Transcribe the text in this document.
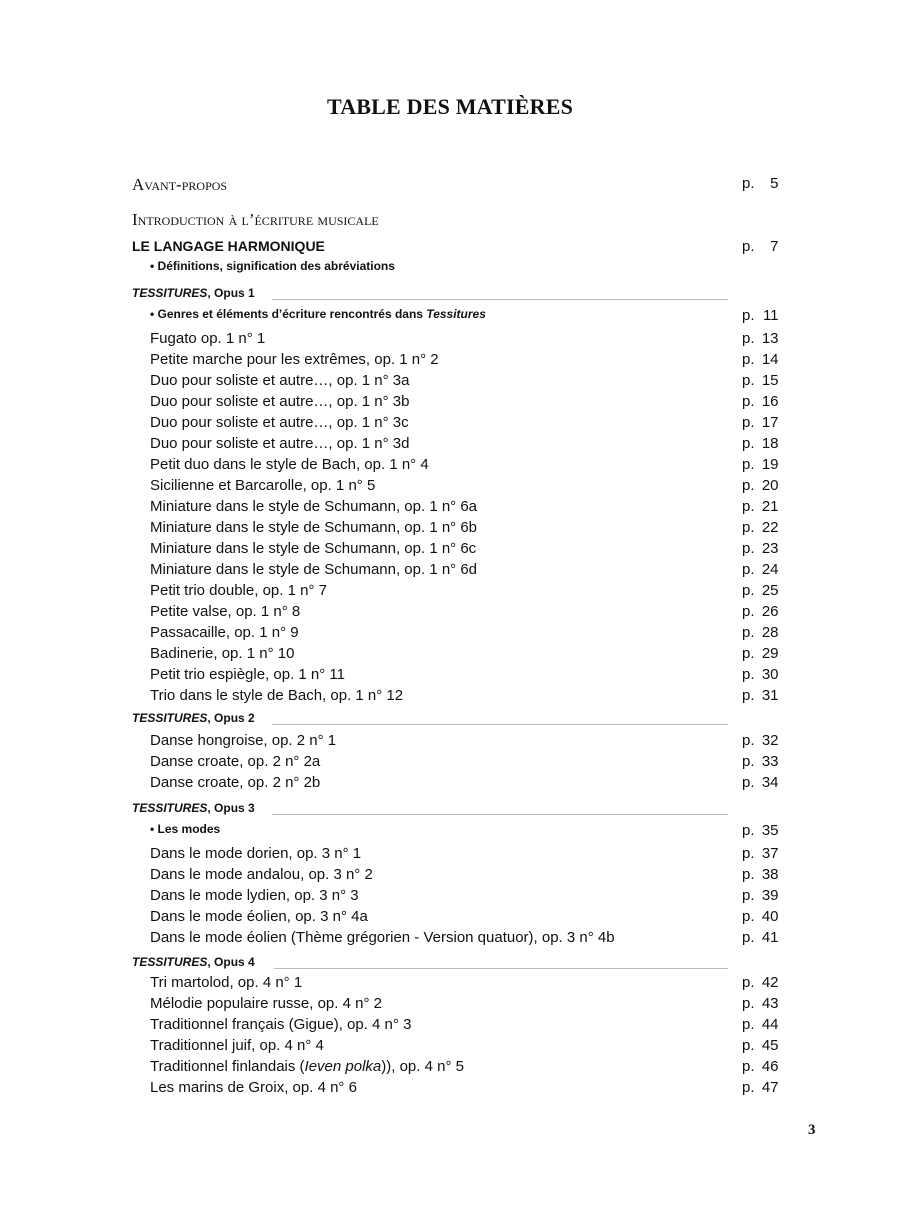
TABLE DES MATIÈRES
Avant-propos	p. 5
Introduction à l’écriture musicale
LE LANGAGE HARMONIQUE	p. 7
• Définitions, signification des abréviations
TESSITURES, Opus 1
• Genres et éléments d’écriture rencontrés dans Tessitures	p. 11
Fugato op. 1 n° 1	p. 13
Petite marche pour les extrêmes, op. 1 n° 2	p. 14
Duo pour soliste et autre…, op. 1 n° 3a	p. 15
Duo pour soliste et autre…, op. 1 n° 3b	p. 16
Duo pour soliste et autre…, op. 1 n° 3c	p. 17
Duo pour soliste et autre…, op. 1 n° 3d	p. 18
Petit duo dans le style de Bach, op. 1 n° 4	p. 19
Sicilienne et Barcarolle, op. 1 n° 5	p. 20
Miniature dans le style de Schumann, op. 1 n° 6a	p. 21
Miniature dans le style de Schumann, op. 1 n° 6b	p. 22
Miniature dans le style de Schumann, op. 1 n° 6c	p. 23
Miniature dans le style de Schumann, op. 1 n° 6d	p. 24
Petit trio double, op. 1 n° 7	p. 25
Petite valse, op. 1 n° 8	p. 26
Passacaille, op. 1 n° 9	p. 28
Badinerie, op. 1 n° 10	p. 29
Petit trio espiègle, op. 1 n° 11	p. 30
Trio dans le style de Bach, op. 1 n° 12	p. 31
TESSITURES, Opus 2
Danse hongroise, op. 2 n° 1	p. 32
Danse croate, op. 2 n° 2a	p. 33
Danse croate, op. 2 n° 2b	p. 34
TESSITURES, Opus 3
• Les modes	p. 35
Dans le mode dorien, op. 3 n° 1	p. 37
Dans le mode andalou, op. 3 n° 2	p. 38
Dans le mode lydien, op. 3 n° 3	p. 39
Dans le mode éolien, op. 3 n° 4a	p. 40
Dans le mode éolien (Thème grégorien - Version quatuor), op. 3 n° 4b	p. 41
TESSITURES, Opus 4
Tri martolod, op. 4 n° 1	p. 42
Mélodie populaire russe, op. 4 n° 2	p. 43
Traditionnel français (Gigue), op. 4 n° 3	p. 44
Traditionnel juif, op. 4 n° 4	p. 45
Traditionnel finlandais (Ieven polka)), op. 4 n° 5	p. 46
Les marins de Groix, op. 4 n° 6	p. 47
3
